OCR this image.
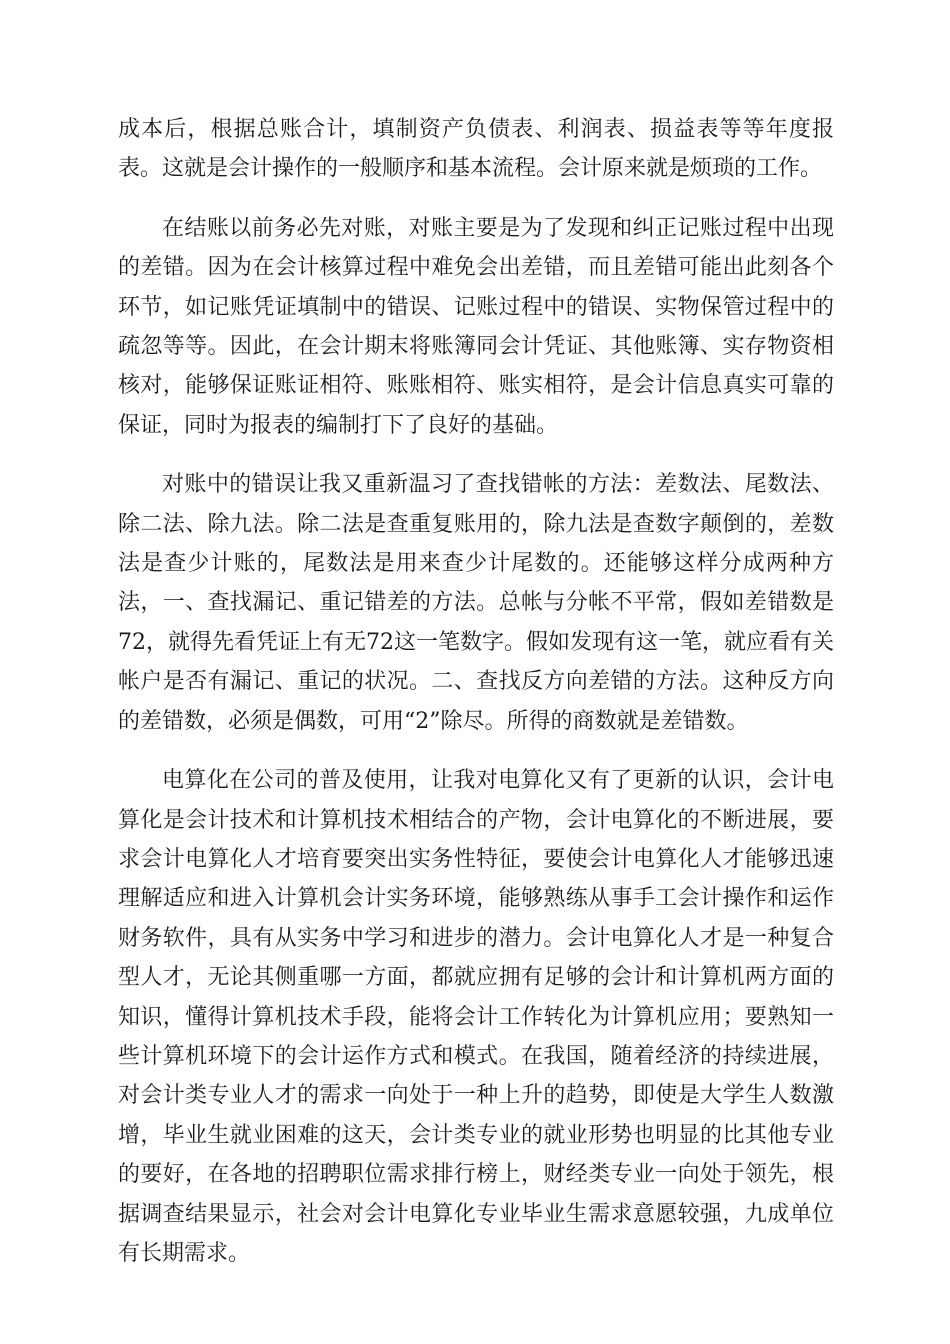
成本后，根据总账合计，填制资产负债表、利润表、损益表等等年度报表。这就是会计操作的一般顺序和基本流程。会计原来就是烦琐的工作。

在结账以前务必先对账，对账主要是为了发现和纠正记账过程中出现的差错。因为在会计核算过程中难免会出差错，而且差错可能出此刻各个环节，如记账凭证填制中的错误、记账过程中的错误、实物保管过程中的疏忽等等。因此，在会计期末将账簿同会计凭证、其他账簿、实存物资相核对，能够保证账证相符、账账相符、账实相符，是会计信息真实可靠的保证，同时为报表的编制打下了良好的基础。

对账中的错误让我又重新温习了查找错帐的方法：差数法、尾数法、除二法、除九法。除二法是查重复账用的，除九法是查数字颠倒的，差数法是查少计账的，尾数法是用来查少计尾数的。还能够这样分成两种方法，一、查找漏记、重记错差的方法。总帐与分帐不平常，假如差错数是72，就得先看凭证上有无72这一笔数字。假如发现有这一笔，就应看有关帐户是否有漏记、重记的状况。二、查找反方向差错的方法。这种反方向的差错数，必须是偶数，可用“2”除尽。所得的商数就是差错数。

电算化在公司的普及使用，让我对电算化又有了更新的认识，会计电算化是会计技术和计算机技术相结合的产物，会计电算化的不断进展，要求会计电算化人才培育要突出实务性特征，要使会计电算化人才能够迅速理解适应和进入计算机会计实务环境，能够熟练从事手工会计操作和运作财务软件，具有从实务中学习和进步的潜力。会计电算化人才是一种复合型人才，无论其侧重哪一方面，都就应拥有足够的会计和计算机两方面的知识，懂得计算机技术手段，能将会计工作转化为计算机应用；要熟知一些计算机环境下的会计运作方式和模式。在我国，随着经济的持续进展，对会计类专业人才的需求一向处于一种上升的趋势，即使是大学生人数激增，毕业生就业困难的这天，会计类专业的就业形势也明显的比其他专业的要好，在各地的招聘职位需求排行榜上，财经类专业一向处于领先，根据调查结果显示，社会对会计电算化专业毕业生需求意愿较强，九成单位有长期需求。
